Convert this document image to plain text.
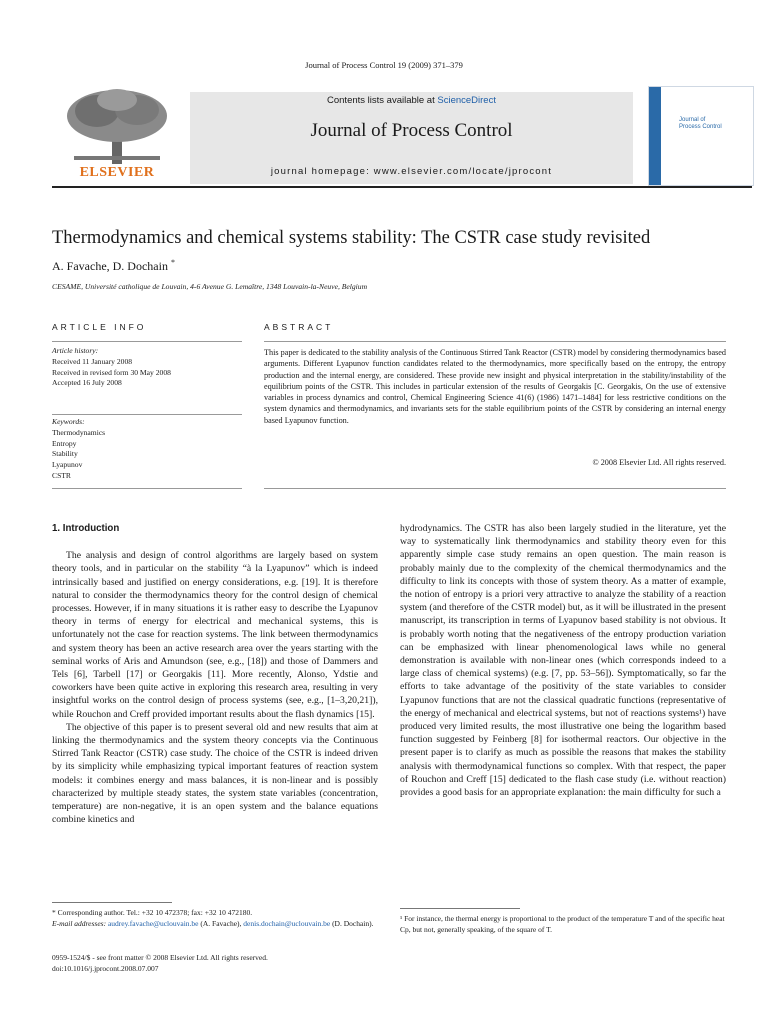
Journal of Process Control 19 (2009) 371–379
ELSEVIER
Contents lists available at ScienceDirect
Journal of Process Control
journal homepage: www.elsevier.com/locate/jprocont
Journal of
Process Control
Thermodynamics and chemical systems stability: The CSTR case study revisited
A. Favache, D. Dochain *
CESAME, Université catholique de Louvain, 4-6 Avenue G. Lemaître, 1348 Louvain-la-Neuve, Belgium
ARTICLE INFO	ABSTRACT
Article history:
Received 11 January 2008
Received in revised form 30 May 2008
Accepted 16 July 2008
Keywords:
Thermodynamics
Entropy
Stability
Lyapunov
CSTR
This paper is dedicated to the stability analysis of the Continuous Stirred Tank Reactor (CSTR) model by considering thermodynamics based arguments. Different Lyapunov function candidates related to the thermodynamics, more specifically based on the entropy, the entropy production and the internal energy, are considered. These provide new insight and physical interpretation in the stability/instability of the equilibrium points of the CSTR. This includes in particular extension of the results of Georgakis [C. Georgakis, On the use of extensive variables in process dynamics and control, Chemical Engineering Science 41(6) (1986) 1471–1484] for less restrictive conditions on the system dynamics and thermodynamics, and invariants sets for the stable equilibrium points of the CSTR by considering an internal energy based Lyapunov function.
© 2008 Elsevier Ltd. All rights reserved.
1. Introduction

The analysis and design of control algorithms are largely based on system theory tools, and in particular on the stability “à la Lyapunov” which is indeed intrinsically based and justified on energy considerations, e.g. [19]. It is therefore natural to consider the thermodynamics theory for the control design of chemical processes. However, if in many situations it is rather easy to describe the Lyapunov theory in terms of energy for electrical and mechanical systems, this is unfortunately not the case for reaction systems. The link between thermodynamics and system theory has been an active research area over the years starting with the seminal works of Aris and Amundson (see, e.g., [18]) and those of Dammers and Tels [6], Tarbell [17] or Georgakis [11]. More recently, Alonso, Ydstie and coworkers have been quite active in exploring this research area, resulting in very insightful works on the control design of process systems (see, e.g., [1–3,20,21]), while Rouchon and Creff provided important results about the flash dynamics [15].

The objective of this paper is to present several old and new results that aim at linking the thermodynamics and the system theory concepts via the Continuous Stirred Tank Reactor (CSTR) case study. The choice of the CSTR is indeed driven by its simplicity while emphasizing typical important features of reaction system models: it combines energy and mass balances, it is non-linear and is possibly characterized by multiple steady states, the system state variables (concentration, temperature) are non-negative, it is an open system and the balance equations combine kinetics and

hydrodynamics. The CSTR has also been largely studied in the literature, yet the way to systematically link thermodynamics and stability theory even for this apparently simple case study remains an open question. The main reason is probably mainly due to the complexity of the chemical thermodynamics and the difficulty to link its concepts with those of system theory. As a matter of example, the notion of entropy is a priori very attractive to analyze the stability of a reaction system (and therefore of the CSTR model) but, as it will be illustrated in the present manuscript, its transcription in terms of Lyapunov based stability is not obvious. It is probably worth noting that the negativeness of the entropy production variation can be emphasized with linear phenomenological laws while no general demonstration is available with non-linear ones (which corresponds indeed to a large class of chemical systems) (e.g. [7, pp. 53–56]). Symptomatically, so far the efforts to take advantage of the positivity of the state variables to consider Lyapunov functions that are not the classical quadratic functions (representative of the energy of mechanical and electrical systems, but not of reactions systems¹) have produced very limited results, the most illustrative one being the logarithm based function suggested by Feinberg [8] for isothermal reactors. Our objective in the present paper is to clarify as much as possible the reasons that makes the stability analysis with thermodynamical functions so complex. With that respect, the paper of Rouchon and Creff [15] dedicated to the flash case study (i.e. without reaction) provides a good basis for an appropriate explanation: the main difficulty for such a

* Corresponding author. Tel.: +32 10 472378; fax: +32 10 472180.
E-mail addresses: audrey.favache@uclouvain.be (A. Favache), denis.dochain@uclouvain.be (D. Dochain).	¹ For instance, the thermal energy is proportional to the product of the temperature T and of the specific heat Cp, but not, generally speaking, of the square of T.
0959-1524/$ - see front matter © 2008 Elsevier Ltd. All rights reserved.
doi:10.1016/j.jprocont.2008.07.007
